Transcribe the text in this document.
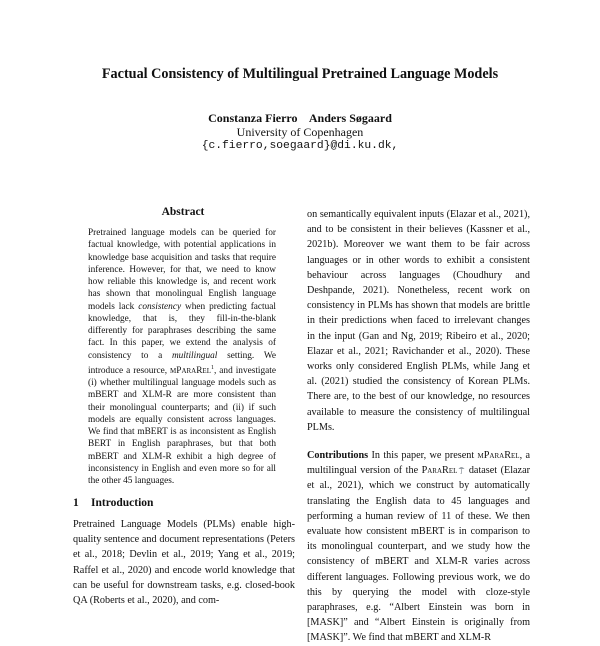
Factual Consistency of Multilingual Pretrained Language Models
Constanza Fierro    Anders Søgaard
University of Copenhagen
{c.fierro,soegaard}@di.ku.dk,
Abstract

Pretrained language models can be queried for factual knowledge, with potential applications in knowledge base acquisition and tasks that require inference. However, for that, we need to know how reliable this knowledge is, and recent work has shown that monolingual English language models lack consistency when predicting factual knowledge, that is, they fill-in-the-blank differently for paraphrases describing the same fact. In this paper, we extend the analysis of consistency to a multilingual setting. We introduce a resource, mParaRel$^1$, and investigate (i) whether multilingual language models such as mBERT and XLM-R are more consistent than their monolingual counterparts; and (ii) if such models are equally consistent across languages. We find that mBERT is as inconsistent as English BERT in English paraphrases, but that both mBERT and XLM-R exhibit a high degree of inconsistency in English and even more so for all the other 45 languages.

1 Introduction

Pretrained Language Models (PLMs) enable high-quality sentence and document representations (Peters et al., 2018; Devlin et al., 2019; Yang et al., 2019; Raffel et al., 2020) and encode world knowledge that can be useful for downstream tasks, e.g. closed-book QA (Roberts et al., 2020), and com-

on semantically equivalent inputs (Elazar et al., 2021), and to be consistent in their believes (Kassner et al., 2021b). Moreover we want them to be fair across languages or in other words to exhibit a consistent behaviour across languages (Choudhury and Deshpande, 2021). Nonetheless, recent work on consistency in PLMs has shown that models are brittle in their predictions when faced to irrelevant changes in the input (Gan and Ng, 2019; Ribeiro et al., 2020; Elazar et al., 2021; Ravichander et al., 2020). These works only considered English PLMs, while Jang et al. (2021) studied the consistency of Korean PLMs. There are, to the best of our knowledge, no resources available to measure the consistency of multilingual PLMs.

Contributions In this paper, we present mParaRel, a multilingual version of the ParaRel
dataset (Elazar et al., 2021), which we construct by automatically translating the English data to 45 languages and performing a human review of 11 of these. We then evaluate how consistent mBERT is in comparison to its monolingual counterpart, and we study how the consistency of mBERT and XLM-R varies across different languages. Following previous work, we do this by querying the model with cloze-style paraphrases, e.g. “Albert Einstein was born in [MASK]” and “Albert Einstein is originally from [MASK]”. We find that mBERT and XLM-R
